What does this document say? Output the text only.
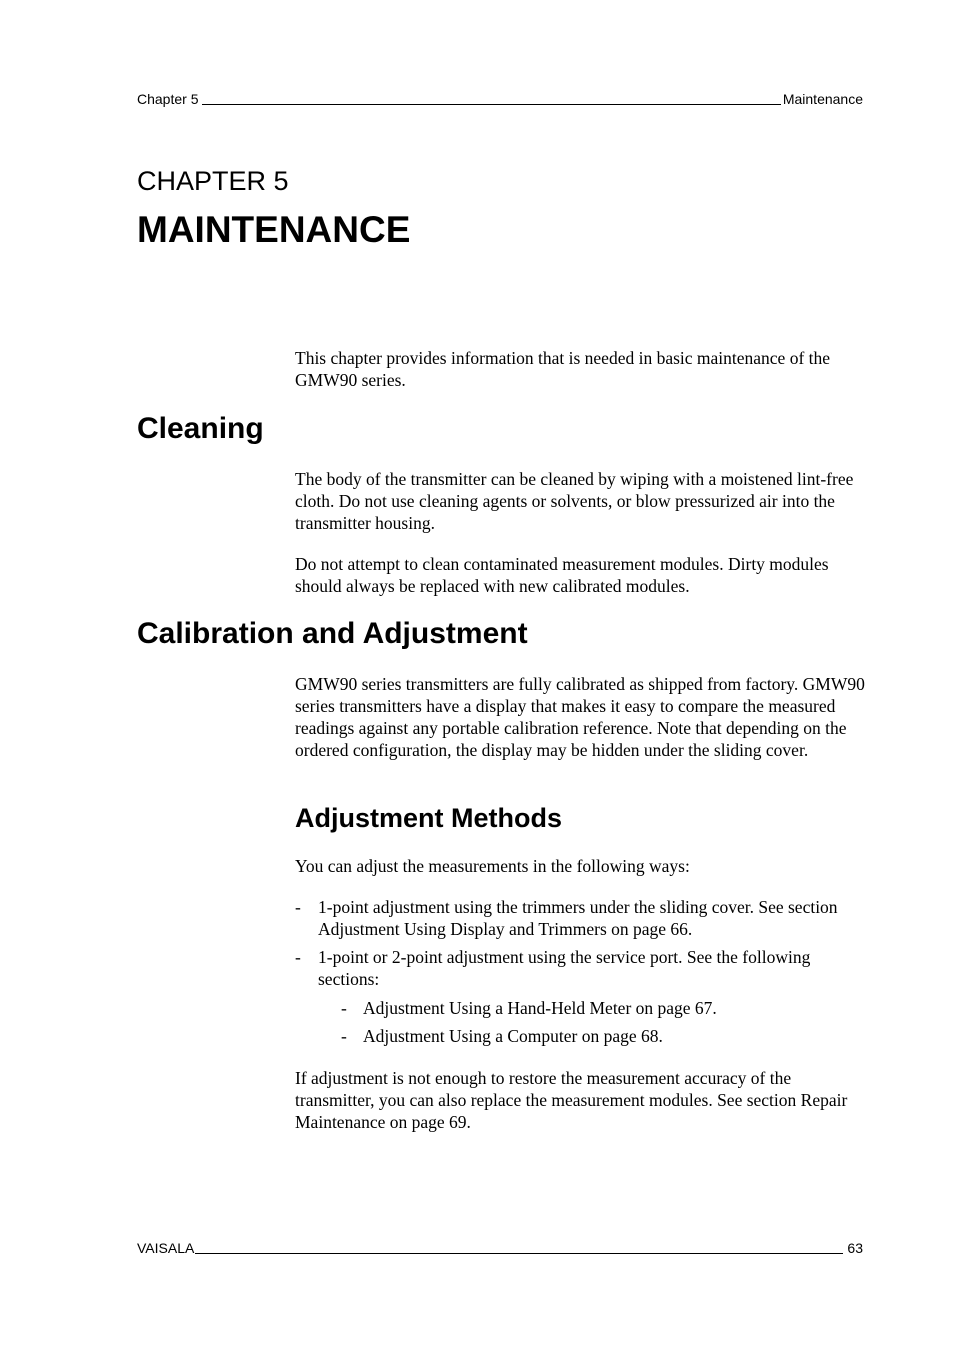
Chapter 5	Maintenance
CHAPTER 5
MAINTENANCE

This chapter provides information that is needed in basic maintenance of the GMW90 series.

Cleaning

The body of the transmitter can be cleaned by wiping with a moistened lint-free cloth. Do not use cleaning agents or solvents, or blow pressurized air into the transmitter housing.

Do not attempt to clean contaminated measurement modules. Dirty modules should always be replaced with new calibrated modules.

Calibration and Adjustment

GMW90 series transmitters are fully calibrated as shipped from factory. GMW90 series transmitters have a display that makes it easy to compare the measured readings against any portable calibration reference. Note that depending on the ordered configuration, the display may be hidden under the sliding cover.

Adjustment Methods

You can adjust the measurements in the following ways:

- 1-point adjustment using the trimmers under the sliding cover. See section Adjustment Using Display and Trimmers on page 66.
- 1-point or 2-point adjustment using the service port. See the following sections:
- Adjustment Using a Hand-Held Meter on page 67.
- Adjustment Using a Computer on page 68.

If adjustment is not enough to restore the measurement accuracy of the transmitter, you can also replace the measurement modules. See section Repair Maintenance on page 69.

VAISALA	63
